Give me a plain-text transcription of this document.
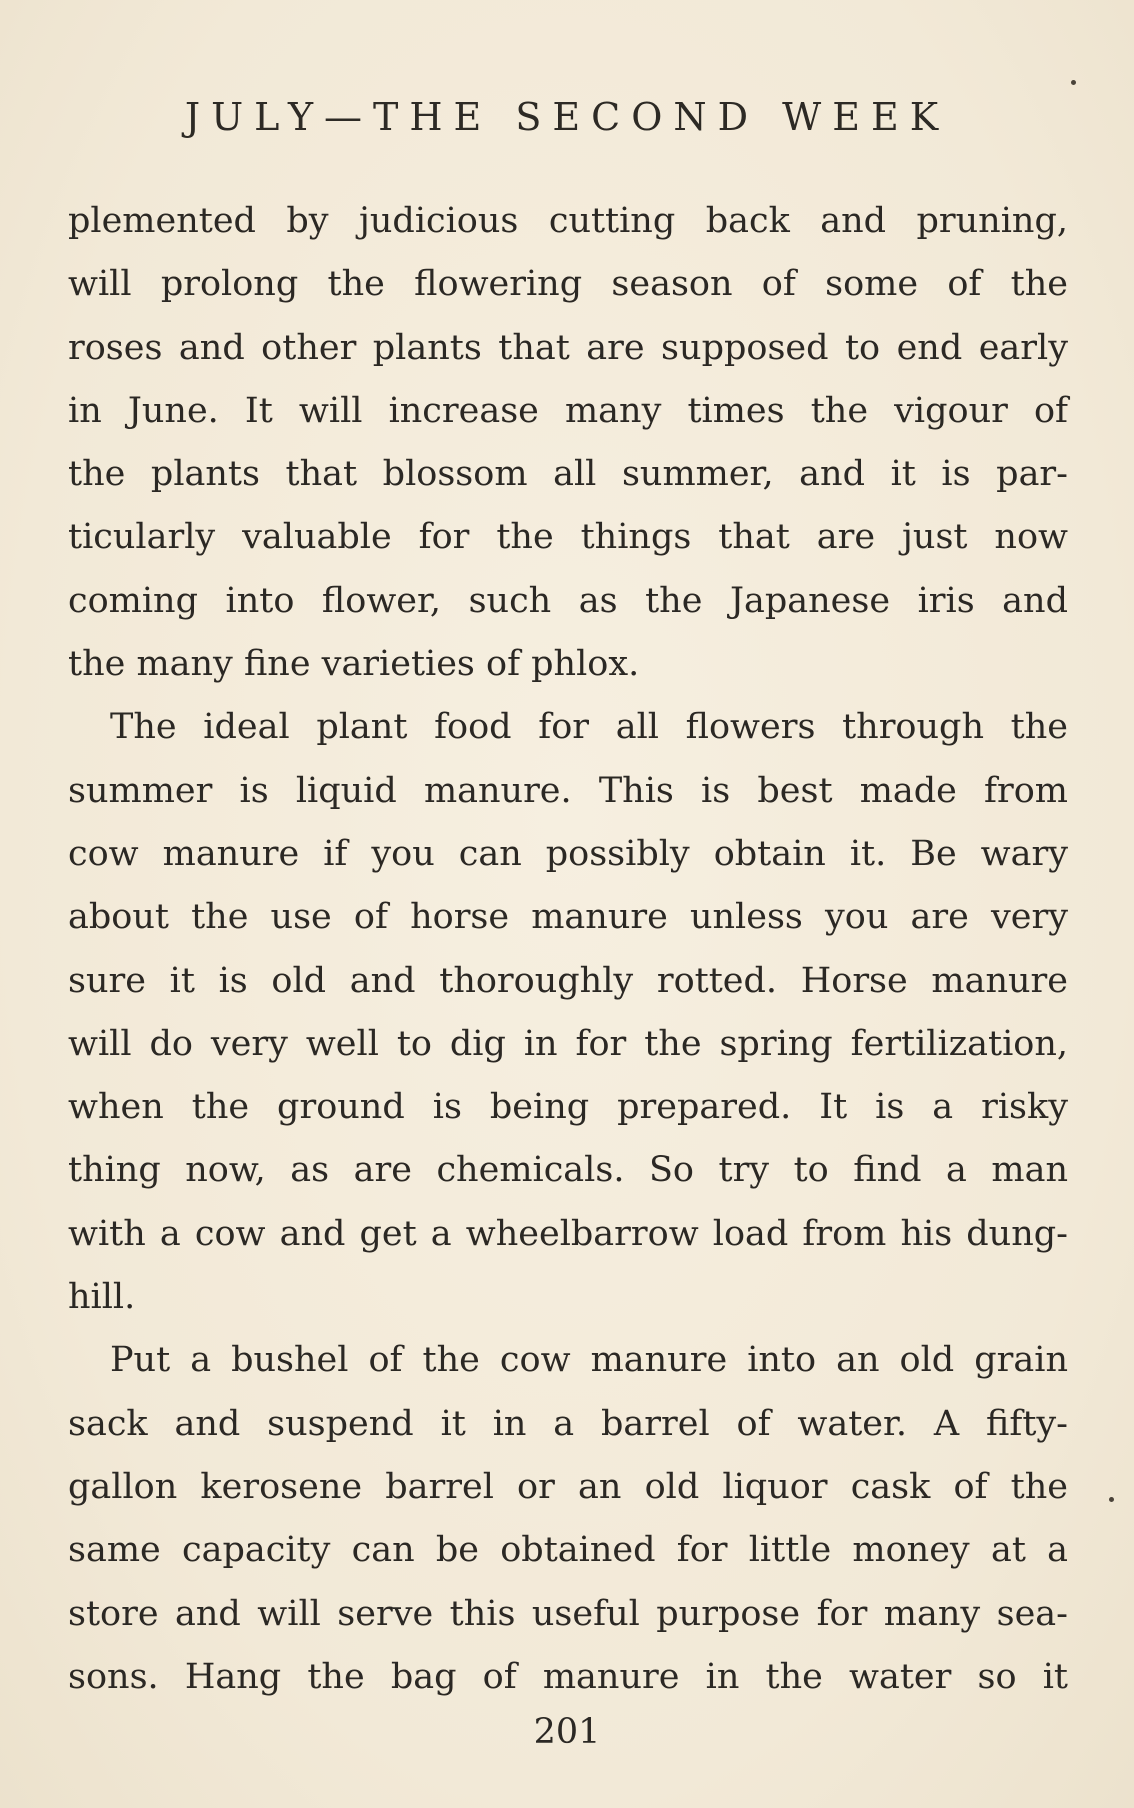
JULY—THE SECOND WEEK
plemented by judicious cutting back and pruning,
will prolong the flowering season of some of the
roses and other plants that are supposed to end early
in June. It will increase many times the vigour of
the plants that blossom all summer, and it is par-
ticularly valuable for the things that are just now
coming into flower, such as the Japanese iris and
the many fine varieties of phlox.
The ideal plant food for all flowers through the
summer is liquid manure. This is best made from
cow manure if you can possibly obtain it. Be wary
about the use of horse manure unless you are very
sure it is old and thoroughly rotted. Horse manure
will do very well to dig in for the spring fertilization,
when the ground is being prepared. It is a risky
thing now, as are chemicals. So try to find a man
with a cow and get a wheelbarrow load from his dung-
hill.
Put a bushel of the cow manure into an old grain
sack and suspend it in a barrel of water. A fifty-
gallon kerosene barrel or an old liquor cask of the
same capacity can be obtained for little money at a
store and will serve this useful purpose for many sea-
sons. Hang the bag of manure in the water so it
201
